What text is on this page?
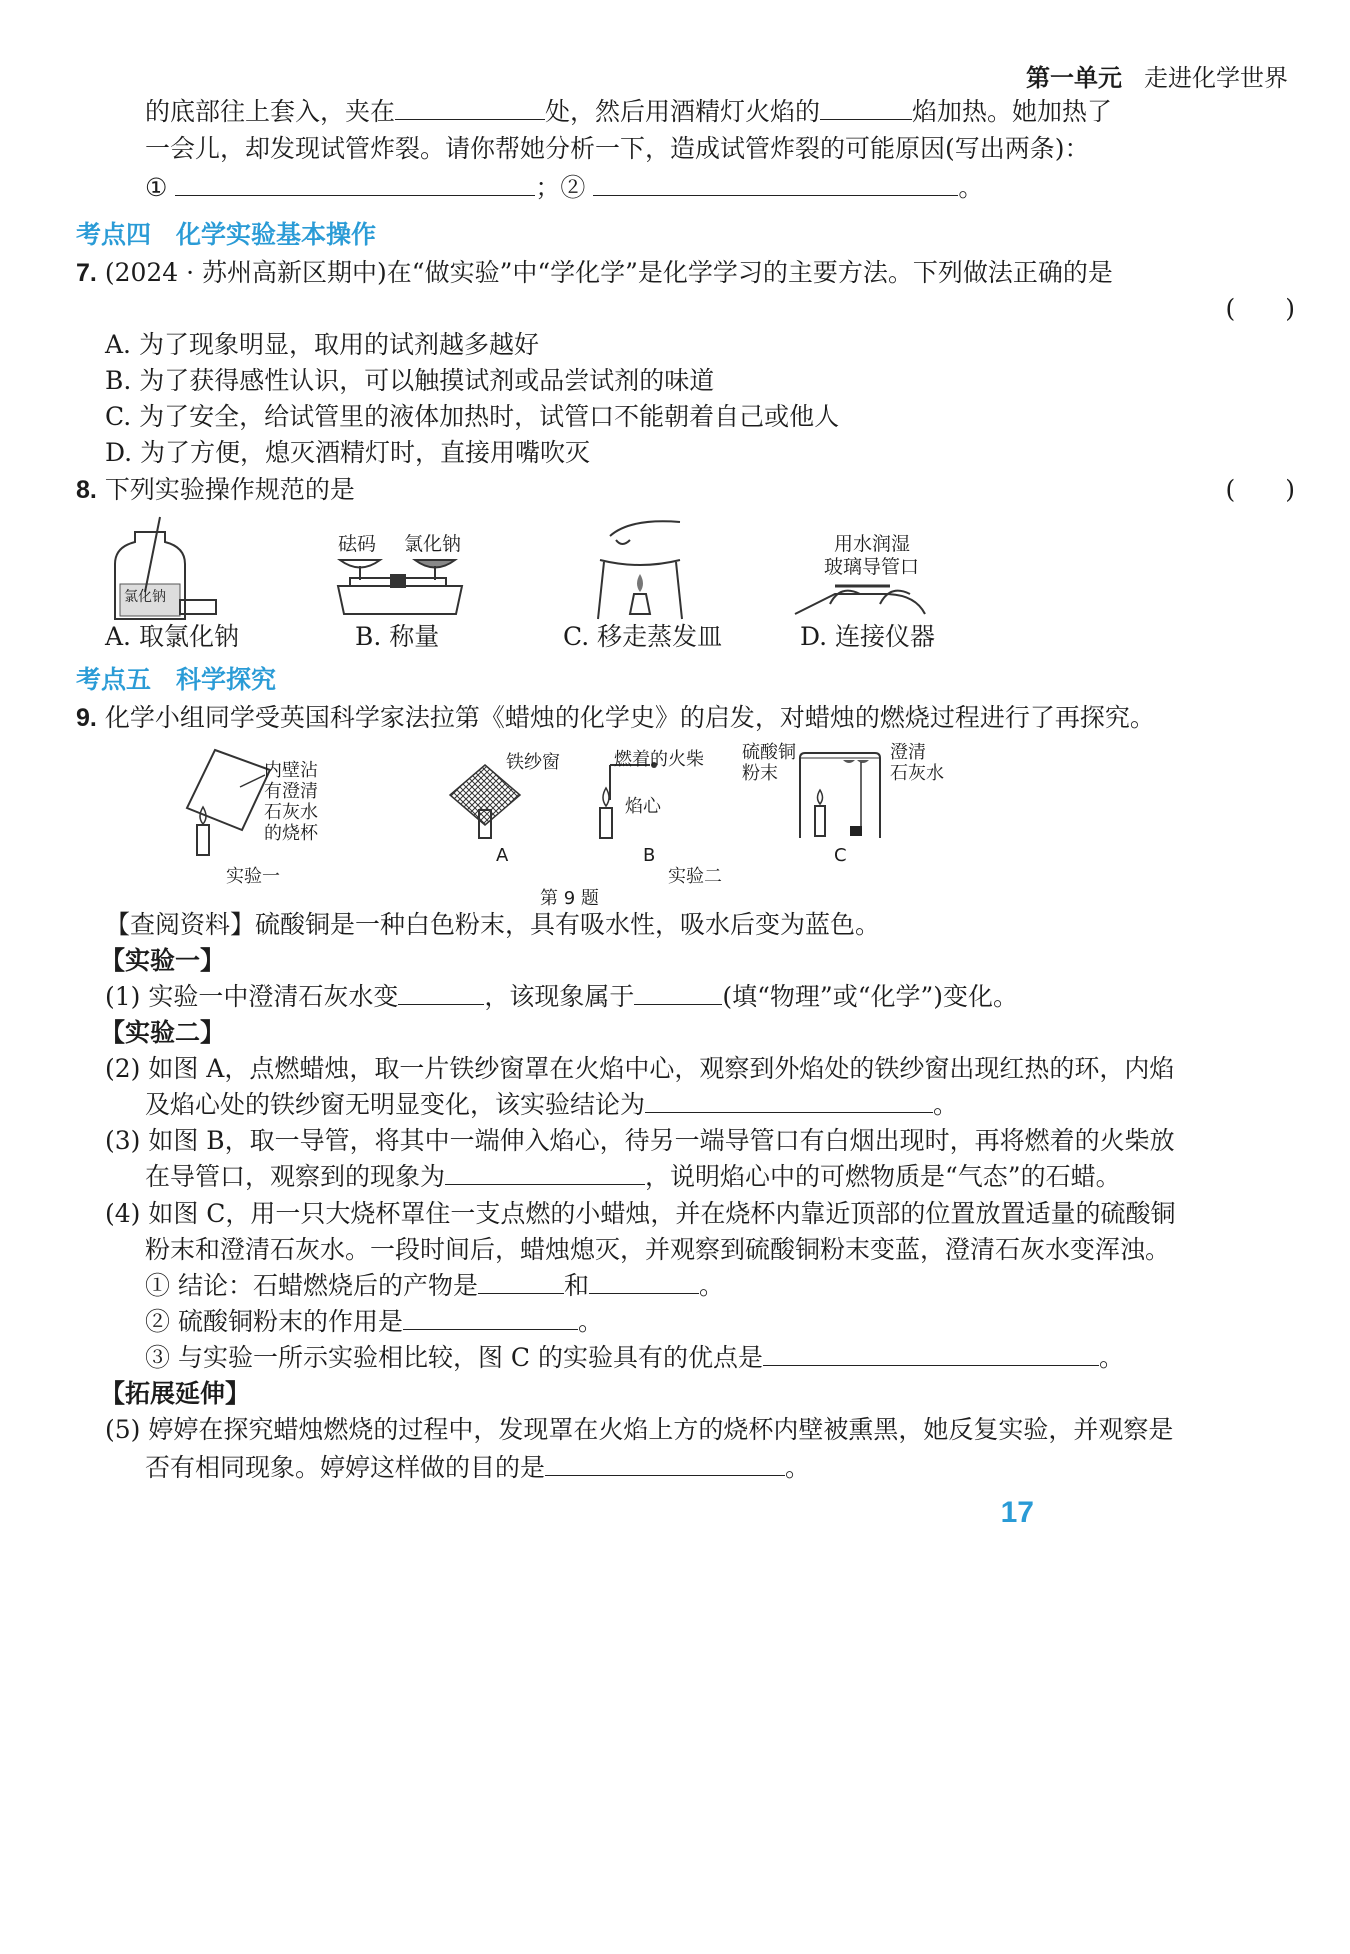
第一单元 走进化学世界
的底部往上套入，夹在	处，然后用酒精灯火焰的	焰加热。她加热了
一会儿，却发现试管炸裂。请你帮她分析一下，造成试管炸裂的可能原因(写出两条)：
①	；②	。
考点四　化学实验基本操作
7. (2024 · 苏州高新区期中)在“做实验”中“学化学”是化学学习的主要方法。下列做法正确的是
(　　)
A. 为了现象明显，取用的试剂越多越好
B. 为了获得感性认识，可以触摸试剂或品尝试剂的味道
C. 为了安全，给试管里的液体加热时，试管口不能朝着自己或他人
D. 为了方便，熄灭酒精灯时，直接用嘴吹灭
8. 下列实验操作规范的是	(　　)
氯化钠
A. 取氯化钠
砝码 氯化钠
B. 称量	C. 移走蒸发皿
用水润湿
玻璃导管口
D. 连接仪器
考点五　科学探究
9. 化学小组同学受英国科学家法拉第《蜡烛的化学史》的启发，对蜡烛的燃烧过程进行了再探究。
内壁沾
有澄清
石灰水
的烧杯
实验一
铁纱窗
A
燃着的火柴
焰心
B
硫酸铜
粉末
澄清
石灰水
C
实验二
第 9 题
【查阅资料】硫酸铜是一种白色粉末，具有吸水性，吸水后变为蓝色。
【实验一】
(1) 实验一中澄清石灰水变	，该现象属于	(填“物理”或“化学”)变化。
【实验二】
(2) 如图 A，点燃蜡烛，取一片铁纱窗罩在火焰中心，观察到外焰处的铁纱窗出现红热的环，内焰
及焰心处的铁纱窗无明显变化，该实验结论为	。
(3) 如图 B，取一导管，将其中一端伸入焰心，待另一端导管口有白烟出现时，再将燃着的火柴放
在导管口，观察到的现象为	，说明焰心中的可燃物质是“气态”的石蜡。
(4) 如图 C，用一只大烧杯罩住一支点燃的小蜡烛，并在烧杯内靠近顶部的位置放置适量的硫酸铜
粉末和澄清石灰水。一段时间后，蜡烛熄灭，并观察到硫酸铜粉末变蓝，澄清石灰水变浑浊。
① 结论：石蜡燃烧后的产物是	和	。
② 硫酸铜粉末的作用是	。
③ 与实验一所示实验相比较，图 C 的实验具有的优点是	。
【拓展延伸】
(5) 婷婷在探究蜡烛燃烧的过程中，发现罩在火焰上方的烧杯内壁被熏黑，她反复实验，并观察是
否有相同现象。婷婷这样做的目的是	。
17
